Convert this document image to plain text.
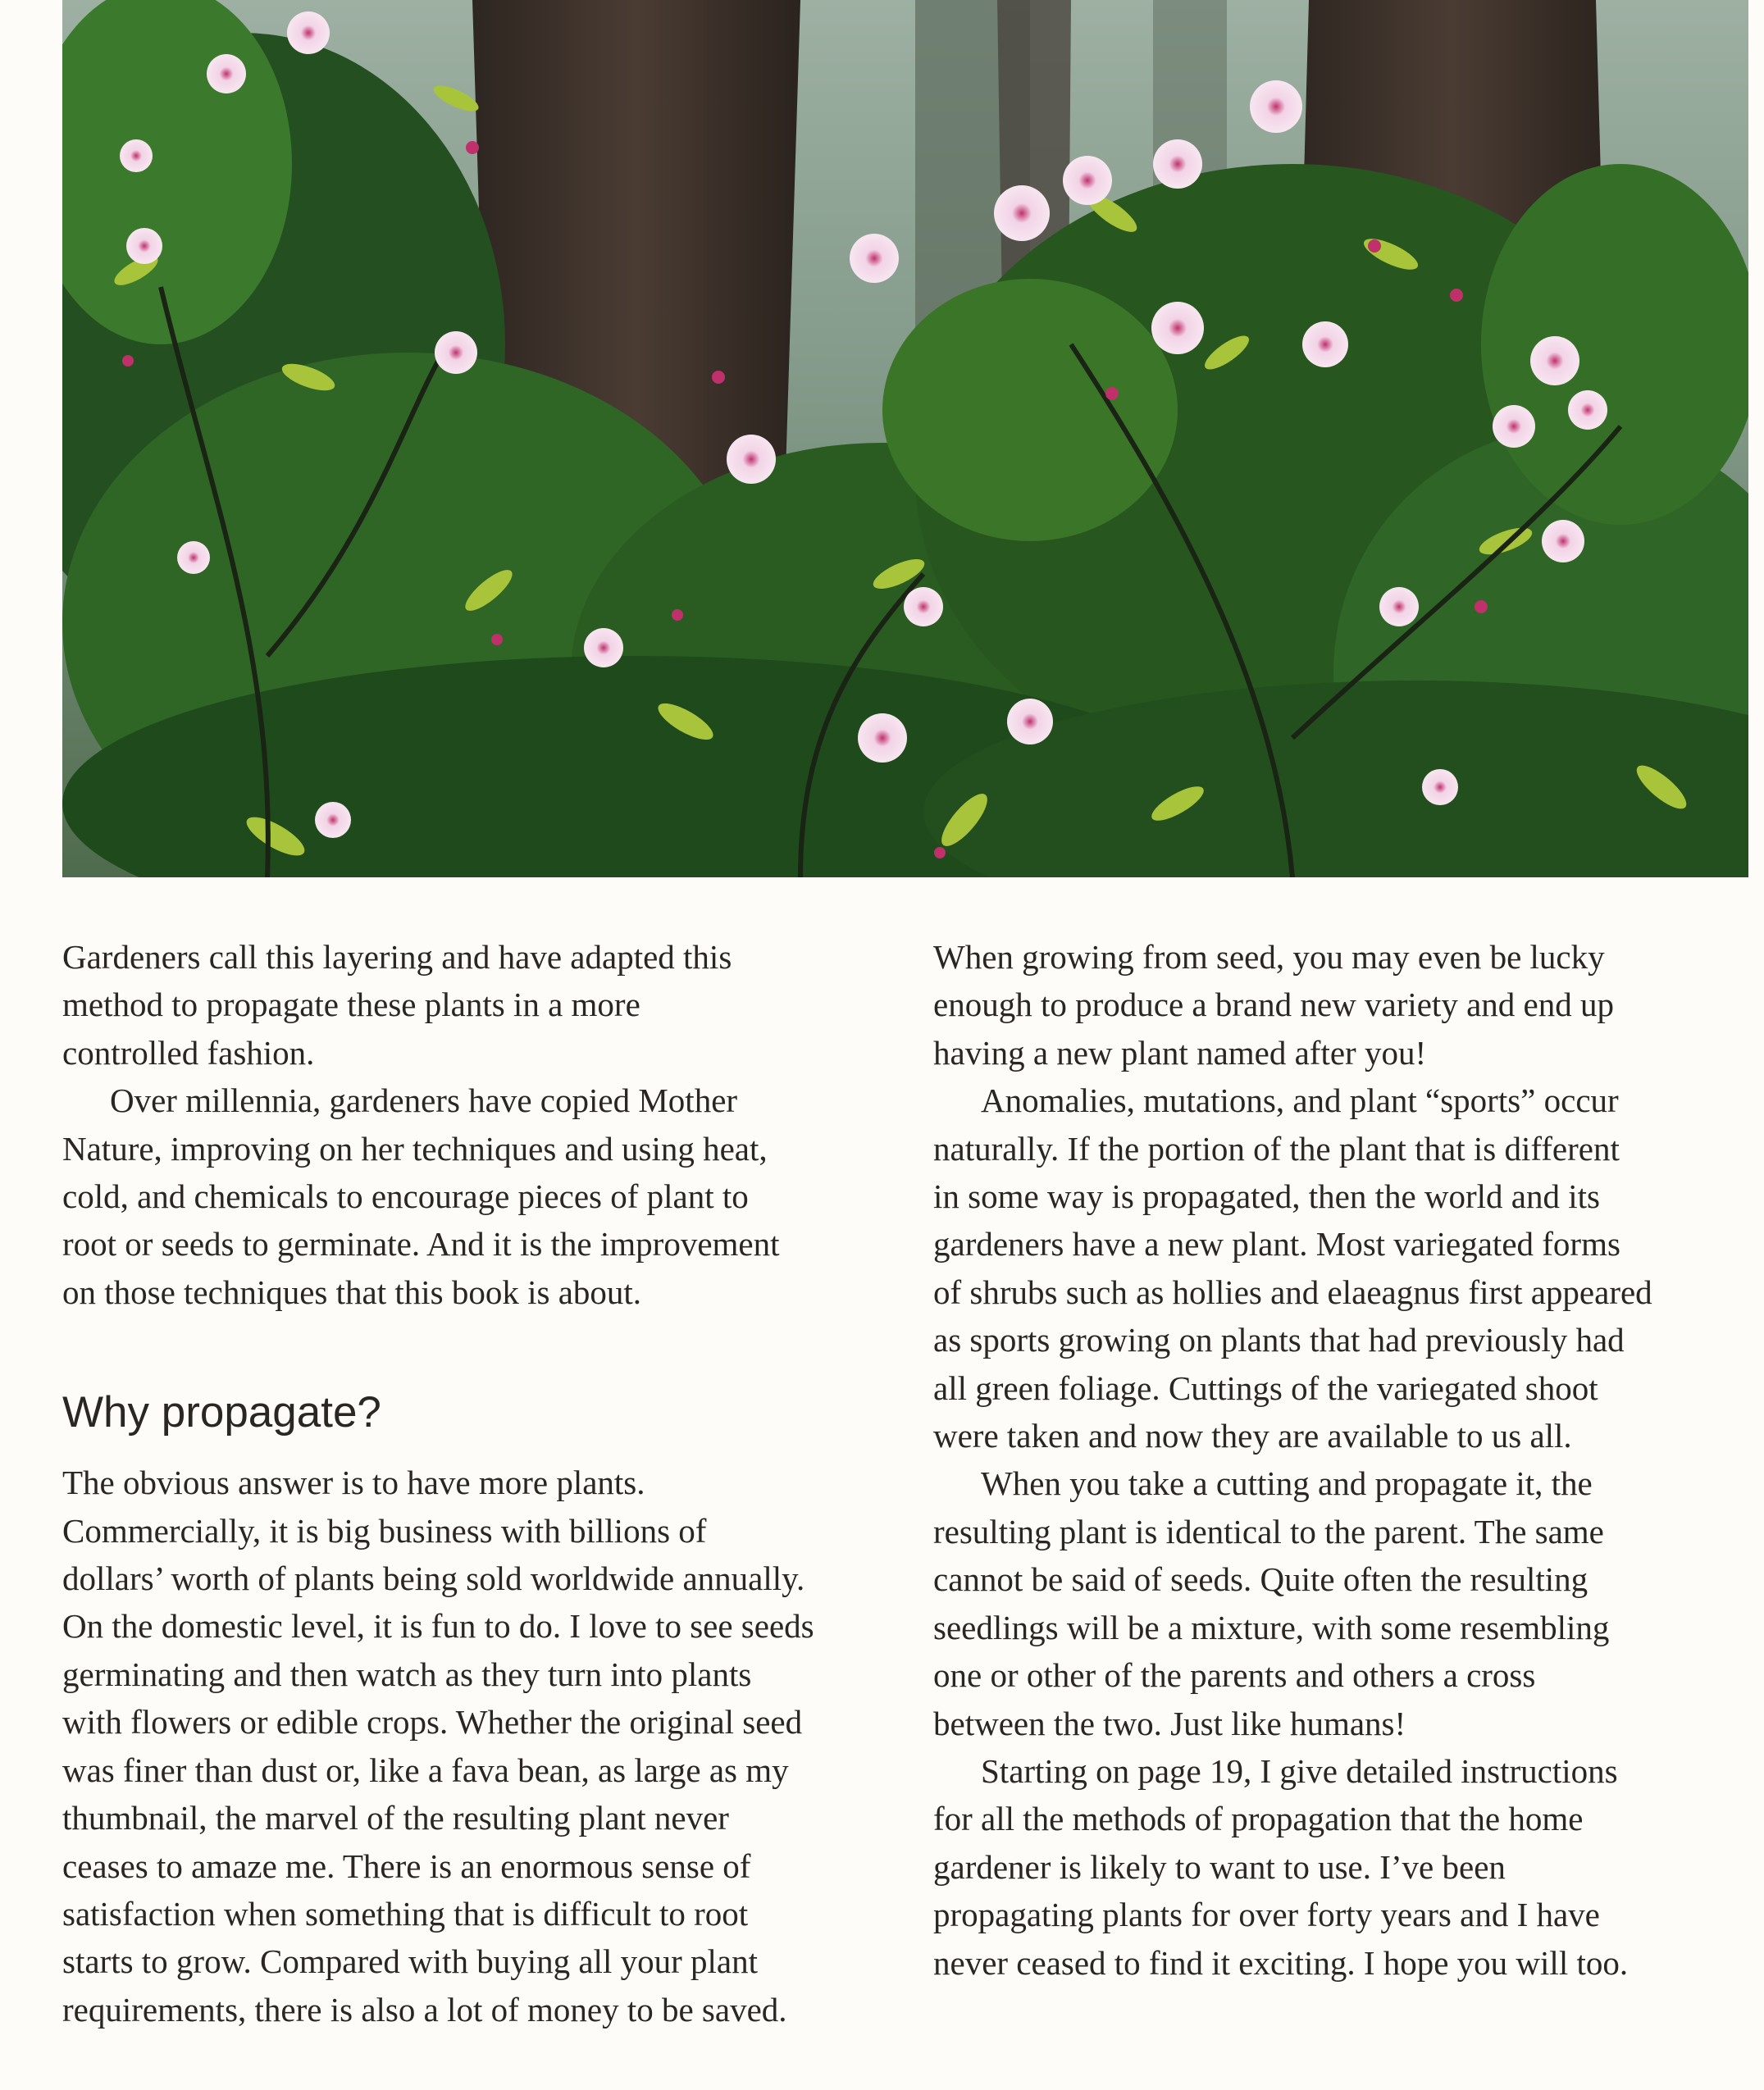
Gardeners call this layering and have adapted this
method to propagate these plants in a more
controlled fashion.

Over millennia, gardeners have copied Mother
Nature, improving on her techniques and using heat,
cold, and chemicals to encourage pieces of plant to
root or seeds to germinate. And it is the improvement
on those techniques that this book is about.

Why propagate?

The obvious answer is to have more plants.
Commercially, it is big business with billions of
dollars’ worth of plants being sold worldwide annually.
On the domestic level, it is fun to do. I love to see seeds
germinating and then watch as they turn into plants
with flowers or edible crops. Whether the original seed
was finer than dust or, like a fava bean, as large as my
thumbnail, the marvel of the resulting plant never
ceases to amaze me. There is an enormous sense of
satisfaction when something that is difficult to root
starts to grow. Compared with buying all your plant
requirements, there is also a lot of money to be saved.

When growing from seed, you may even be lucky
enough to produce a brand new variety and end up
having a new plant named after you!

Anomalies, mutations, and plant “sports” occur
naturally. If the portion of the plant that is different
in some way is propagated, then the world and its
gardeners have a new plant. Most variegated forms
of shrubs such as hollies and elaeagnus first appeared
as sports growing on plants that had previously had
all green foliage. Cuttings of the variegated shoot
were taken and now they are available to us all.

When you take a cutting and propagate it, the
resulting plant is identical to the parent. The same
cannot be said of seeds. Quite often the resulting
seedlings will be a mixture, with some resembling
one or other of the parents and others a cross
between the two. Just like humans!

Starting on page 19, I give detailed instructions
for all the methods of propagation that the home
gardener is likely to want to use. I’ve been
propagating plants for over forty years and I have
never ceased to find it exciting. I hope you will too.
